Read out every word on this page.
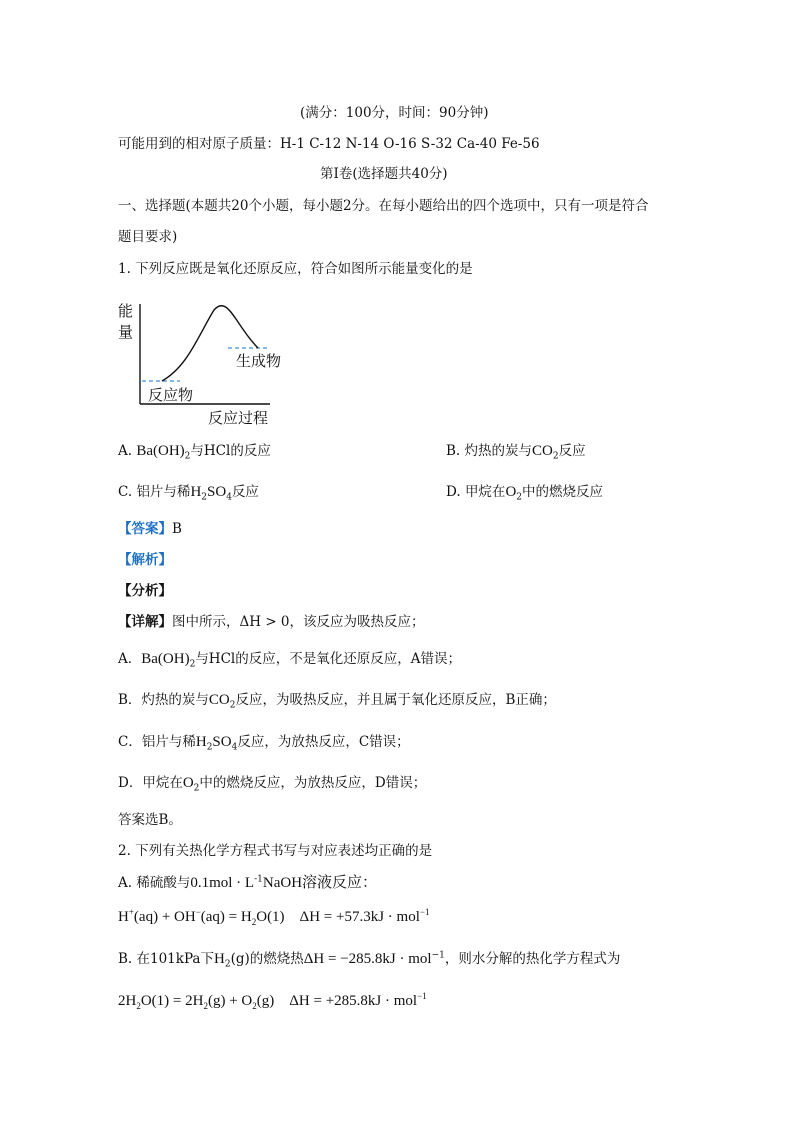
(满分：100分，时间：90分钟)
可能用到的相对原子质量：H-1 C-12 N-14 O-16 S-32 Ca-40 Fe-56
第Ⅰ卷(选择题共40分)
一、选择题(本题共20个小题，每小题2分。在每小题给出的四个选项中，只有一项是符合
题目要求)
1. 下列反应既是氧化还原反应，符合如图所示能量变化的是
能
量
生成物
反应物
反应过程
A. $Ba(OH)_2$与HCl的反应	B. 灼热的炭与$CO_2$反应
C. 铝片与稀$H_2SO_4$反应	D. 甲烷在$O_2$中的燃烧反应
【答案】B
【解析】
【分析】
【详解】图中所示，ΔH > 0，该反应为吸热反应；
A．$Ba(OH)_2$与HCl的反应，不是氧化还原反应，A错误；
B．灼热的炭与$CO_2$反应，为吸热反应，并且属于氧化还原反应，B正确；
C．铝片与稀$H_2SO_4$反应，为放热反应，C错误；
D．甲烷在$O_2$中的燃烧反应，为放热反应，D错误；
答案选B。
2. 下列有关热化学方程式书写与对应表述均正确的是
A. 稀硫酸与$0.1mol \cdot L^{-1}NaOH$溶液反应：
$H^+(aq) + OH^-(aq) = H_2O(1)$    ΔH = +57.3kJ · mol$^{-1}$
B. 在101kPa下$H_2(g)$的燃烧热ΔH = −285.8kJ · mol$^{-1}$，则水分解的热化学方程式为
$2H_2O(1) = 2H_2(g) + O_2(g)$    ΔH = +285.8kJ · mol$^{-1}$
